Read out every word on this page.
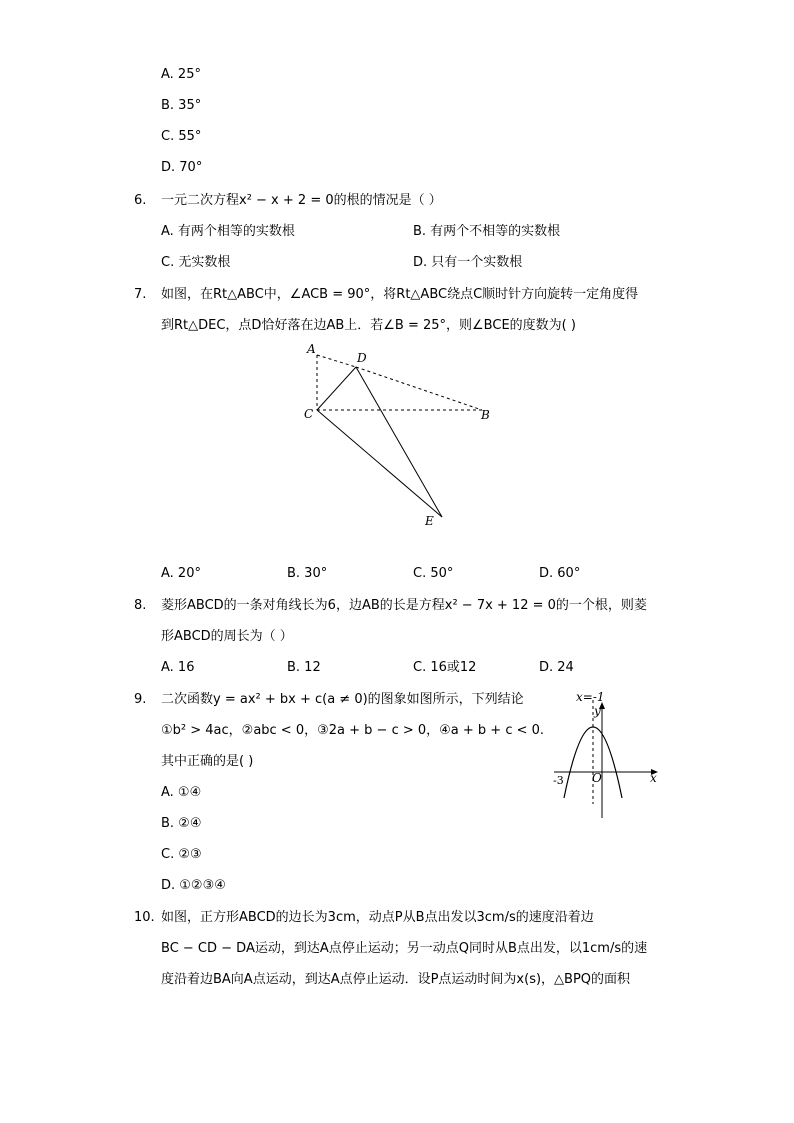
A. 25°
B. 35°
C. 55°
D. 70°
6. 一元二次方程x² − x + 2 = 0的根的情况是（ ）
A. 有两个相等的实数根	B. 有两个不相等的实数根
C. 无实数根	D. 只有一个实数根
7. 如图，在Rt△ABC中，∠ACB = 90°，将Rt△ABC绕点C顺时针方向旋转一定角度得
到Rt△DEC，点D恰好落在边AB上．若∠B = 25°，则∠BCE的度数为( )
A
D
C	B
E
A. 20°	B. 30°	C. 50°	D. 60°
8. 菱形ABCD的一条对角线长为6，边AB的长是方程x² − 7x + 12 = 0的一个根，则菱
形ABCD的周长为（ ）
A. 16	B. 12	C. 16或12	D. 24
9. 二次函数y = ax² + bx + c(a ≠ 0)的图象如图所示，下列结论
①b² > 4ac，②abc < 0，③2a + b − c > 0，④a + b + c < 0.
其中正确的是( )
x=-1
y
x
O
-3
A. ①④
B. ②④
C. ②③
D. ①②③④
10. 如图，正方形ABCD的边长为3cm，动点P从B点出发以3cm/s的速度沿着边
BC − CD − DA运动，到达A点停止运动；另一动点Q同时从B点出发，以1cm/s的速
度沿着边BA向A点运动，到达A点停止运动．设P点运动时间为x(s)，△BPQ的面积
